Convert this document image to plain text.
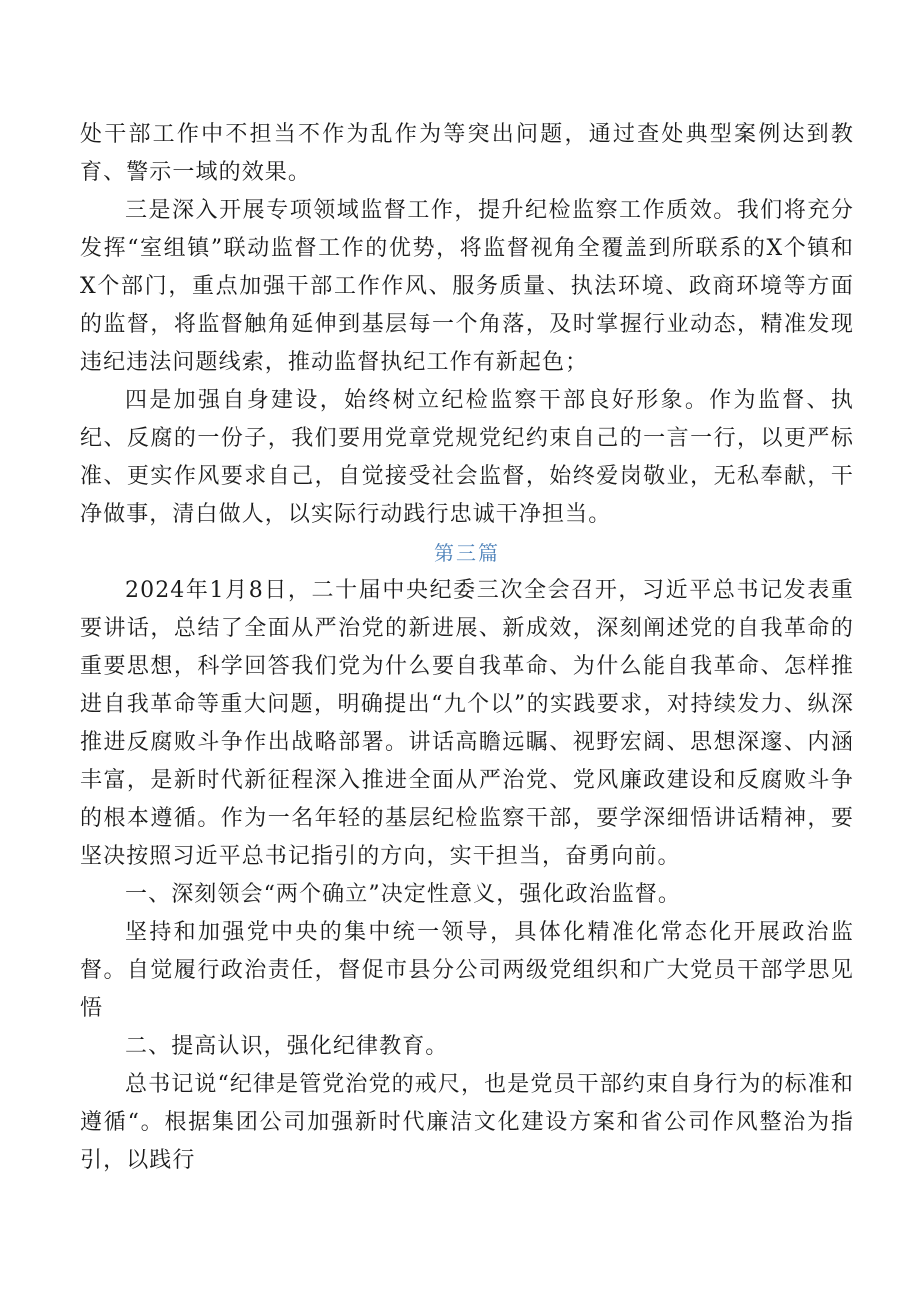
处干部工作中不担当不作为乱作为等突出问题，通过查处典型案例达到教育、警示一域的效果。

三是深入开展专项领域监督工作，提升纪检监察工作质效。我们将充分发挥“室组镇”联动监督工作的优势，将监督视角全覆盖到所联系的X个镇和X个部门，重点加强干部工作作风、服务质量、执法环境、政商环境等方面的监督，将监督触角延伸到基层每一个角落，及时掌握行业动态，精准发现违纪违法问题线索，推动监督执纪工作有新起色；

四是加强自身建设，始终树立纪检监察干部良好形象。作为监督、执纪、反腐的一份子，我们要用党章党规党纪约束自己的一言一行，以更严标准、更实作风要求自己，自觉接受社会监督，始终爱岗敬业，无私奉献，干净做事，清白做人，以实际行动践行忠诚干净担当。

第三篇

2024年1月8日，二十届中央纪委三次全会召开，习近平总书记发表重要讲话，总结了全面从严治党的新进展、新成效，深刻阐述党的自我革命的重要思想，科学回答我们党为什么要自我革命、为什么能自我革命、怎样推进自我革命等重大问题，明确提出“九个以”的实践要求，对持续发力、纵深推进反腐败斗争作出战略部署。讲话高瞻远瞩、视野宏阔、思想深邃、内涵丰富，是新时代新征程深入推进全面从严治党、党风廉政建设和反腐败斗争的根本遵循。作为一名年轻的基层纪检监察干部，要学深细悟讲话精神，要坚决按照习近平总书记指引的方向，实干担当，奋勇向前。

一、深刻领会“两个确立”决定性意义，强化政治监督。

坚持和加强党中央的集中统一领导，具体化精准化常态化开展政治监督。自觉履行政治责任，督促市县分公司两级党组织和广大党员干部学思见悟

二、提高认识，强化纪律教育。

总书记说“纪律是管党治党的戒尺，也是党员干部约束自身行为的标准和遵循“。根据集团公司加强新时代廉洁文化建设方案和省公司作风整治为指引，以践行
